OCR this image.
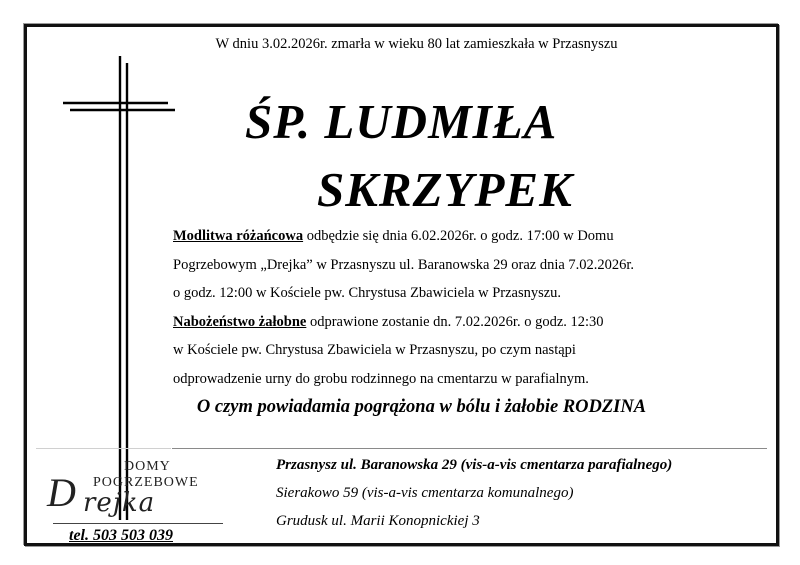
W dniu 3.02.2026r. zmarła w wieku 80 lat zamieszkała w Przasnyszu
ŚP. LUDMIŁA
SKRZYPEK
Modlitwa różańcowa odbędzie się dnia 6.02.2026r. o godz. 17:00 w Domu
Pogrzebowym „Drejka” w Przasnyszu ul. Baranowska 29 oraz dnia 7.02.2026r.
o godz. 12:00 w Kościele pw. Chrystusa Zbawiciela w Przasnyszu.
Nabożeństwo żałobne odprawione zostanie dn. 7.02.2026r. o godz. 12:30
w Kościele pw. Chrystusa Zbawiciela w Przasnyszu, po czym nastąpi
odprowadzenie urny do grobu rodzinnego na cmentarzu w parafialnym.
O czym powiadamia pogrążona w bólu i żałobie RODZINA
DOMY
POGRZEBOWE
D rejka
tel. 503 503 039
Przasnysz ul. Baranowska 29 (vis-a-vis cmentarza parafialnego)
Sierakowo 59 (vis-a-vis cmentarza komunalnego)
Grudusk ul. Marii Konopnickiej 3
